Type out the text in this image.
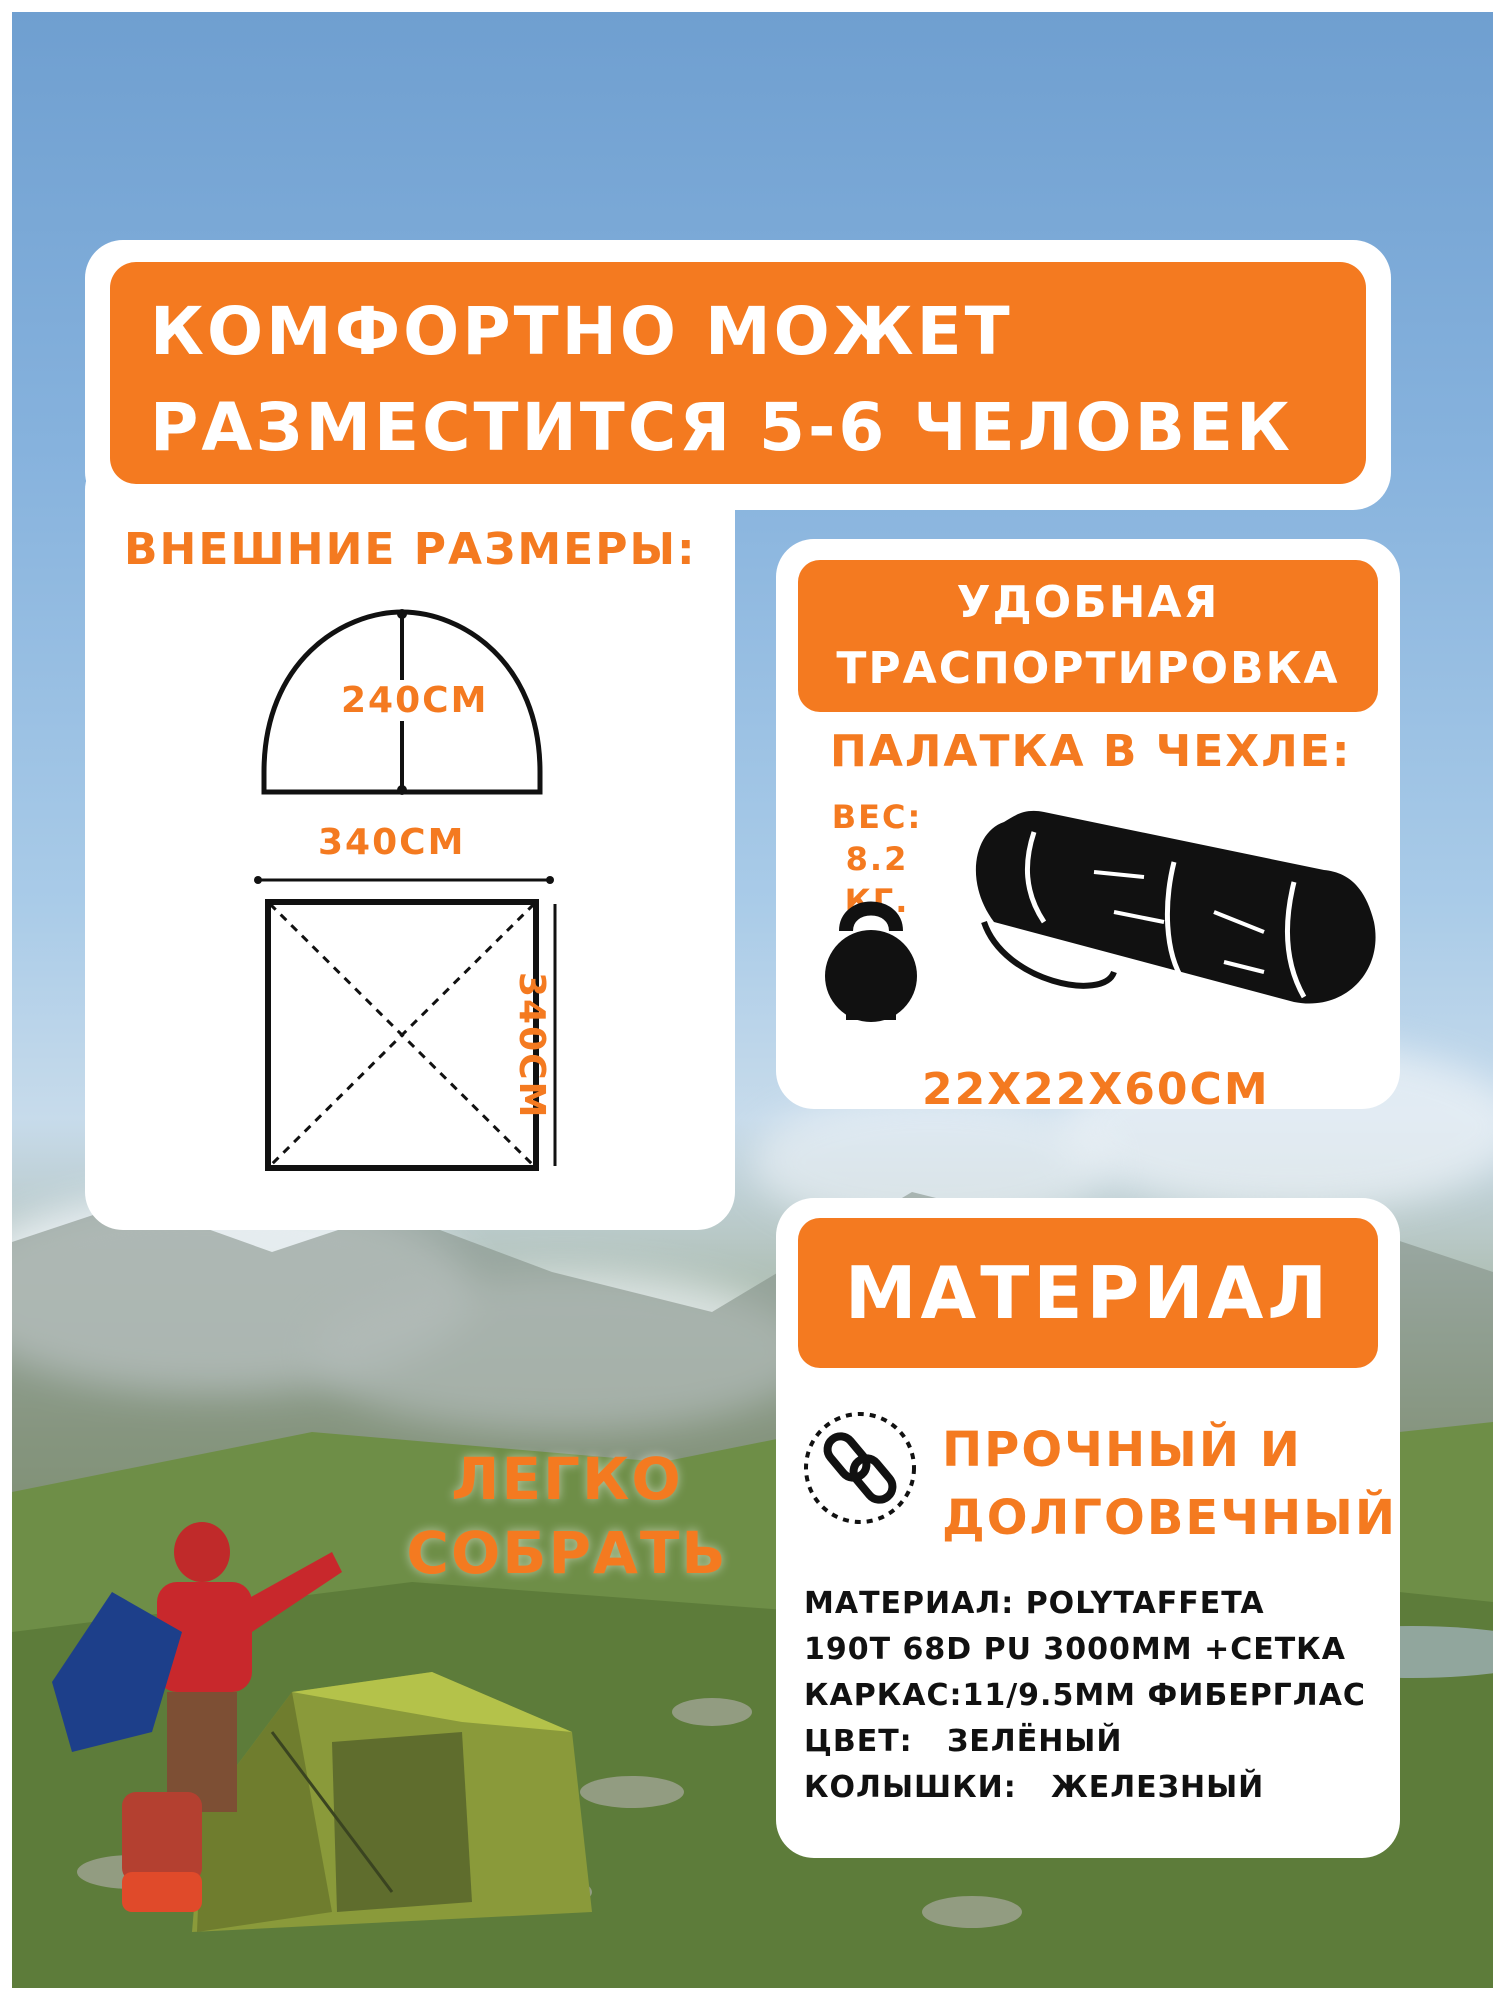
КОМФОРТНО МОЖЕТ
РАЗМЕСТИТСЯ 5-6 ЧЕЛОВЕК
ВНЕШНИЕ РАЗМЕРЫ:
240CM
340CM
340CM
УДОБНАЯ
ТРАСПОРТИРОВКА
ПАЛАТКА В ЧЕХЛЕ:
ВЕС:
8.2 КГ.
22Х22Х60СМ
МАТЕРИАЛ
ПРОЧНЫЙ И
ДОЛГОВЕЧНЫЙ
МАТЕРИАЛ: POLYTAFFETA
190T 68D PU 3000MM +СЕТКА
КАРКАС:11/9.5MM ФИБЕРГЛАС
ЦВЕТ:   ЗЕЛЁНЫЙ
КОЛЫШКИ:   ЖЕЛЕЗНЫЙ
ЛЕГКО
СОБРАТЬ
